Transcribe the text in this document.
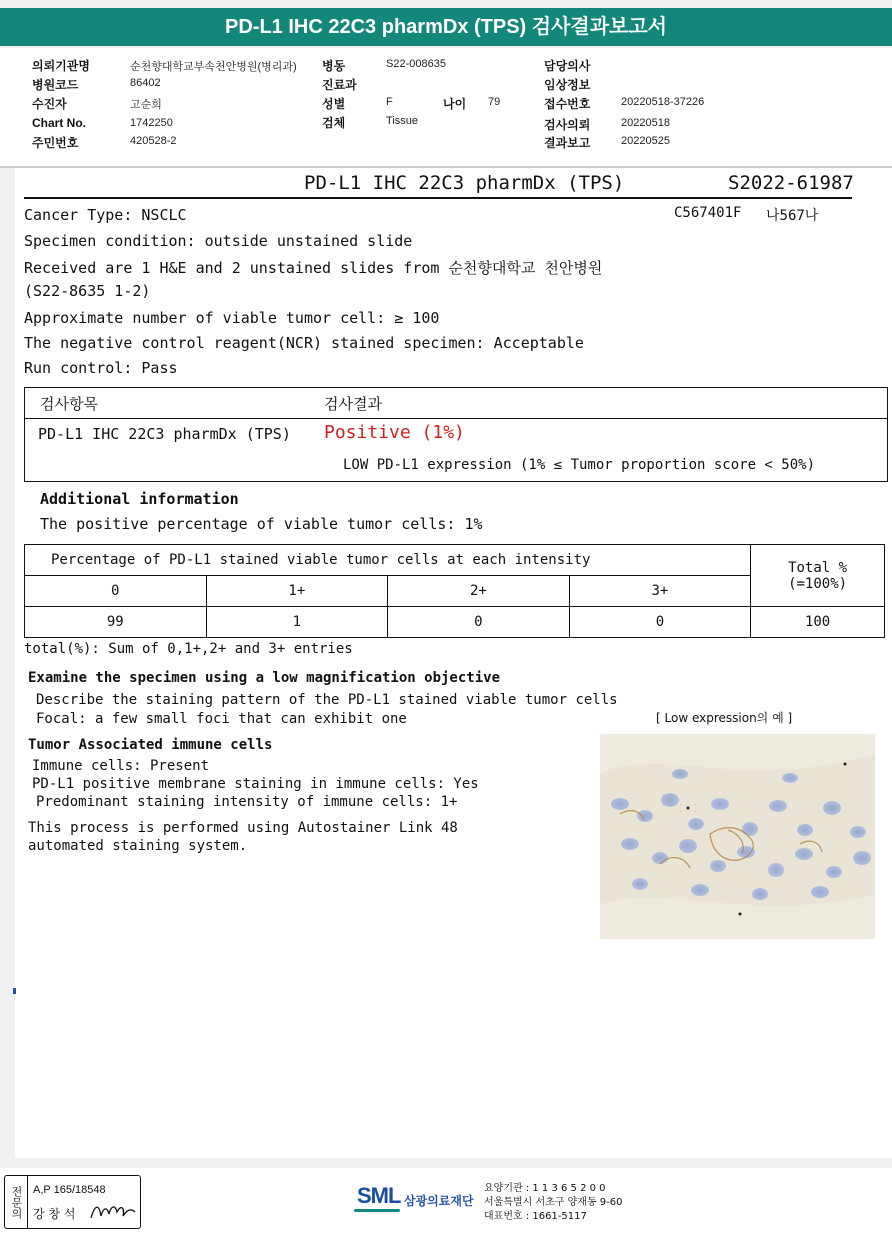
PD-L1 IHC 22C3 pharmDx (TPS) 검사결과보고서
의뢰기관명	순천향대학교부속천안병원(병리과)
병원코드	86402
수진자	고순희
Chart No.	1742250
주민번호	420528-2
병동	S22-008635
진료과
성별	F	나이 79
검체	Tissue
담당의사
임상정보
접수번호	20220518-37226
검사의뢰	20220518
결과보고	20220525
PD-L1 IHC 22C3 pharmDx (TPS)	S2022-61987
C567401F 나567나
Cancer Type: NSCLC
Specimen condition: outside unstained slide
Received are 1 H&E and 2 unstained slides from 순천향대학교 천안병원
(S22-8635 1-2)
Approximate number of viable tumor cell: ≥ 100
The negative control reagent(NCR) stained specimen: Acceptable
Run control: Pass
검사항목	검사결과
PD-L1 IHC 22C3 pharmDx (TPS) Positive (1%)
LOW PD-L1 expression (1% ≤ Tumor proportion score < 50%)
Additional information
The positive percentage of viable tumor cells: 1%
Percentage of PD-L1 stained viable tumor cells at each intensity				Total %
(=100%)

0	1+	2+	3+	
99	1	0	0	100
total(%): Sum of 0,1+,2+ and 3+ entries
Examine the specimen using a low magnification objective
Describe the staining pattern of the PD-L1 stained viable tumor cells
Focal: a few small foci that can exhibit one
Tumor Associated immune cells
Immune cells: Present
PD-L1 positive membrane staining in immune cells: Yes
Predominant staining intensity of immune cells: 1+
This process is performed using Autostainer Link 48
automated staining system.
[ Low expression의 예 ]
전문의 A,P 165/18548
강 창 석
SML 삼광의료재단
요양기관 : 1 1 3 6 5 2 0 0
서울특별시 서초구 양재동 9-60
대표번호 : 1661-5117
